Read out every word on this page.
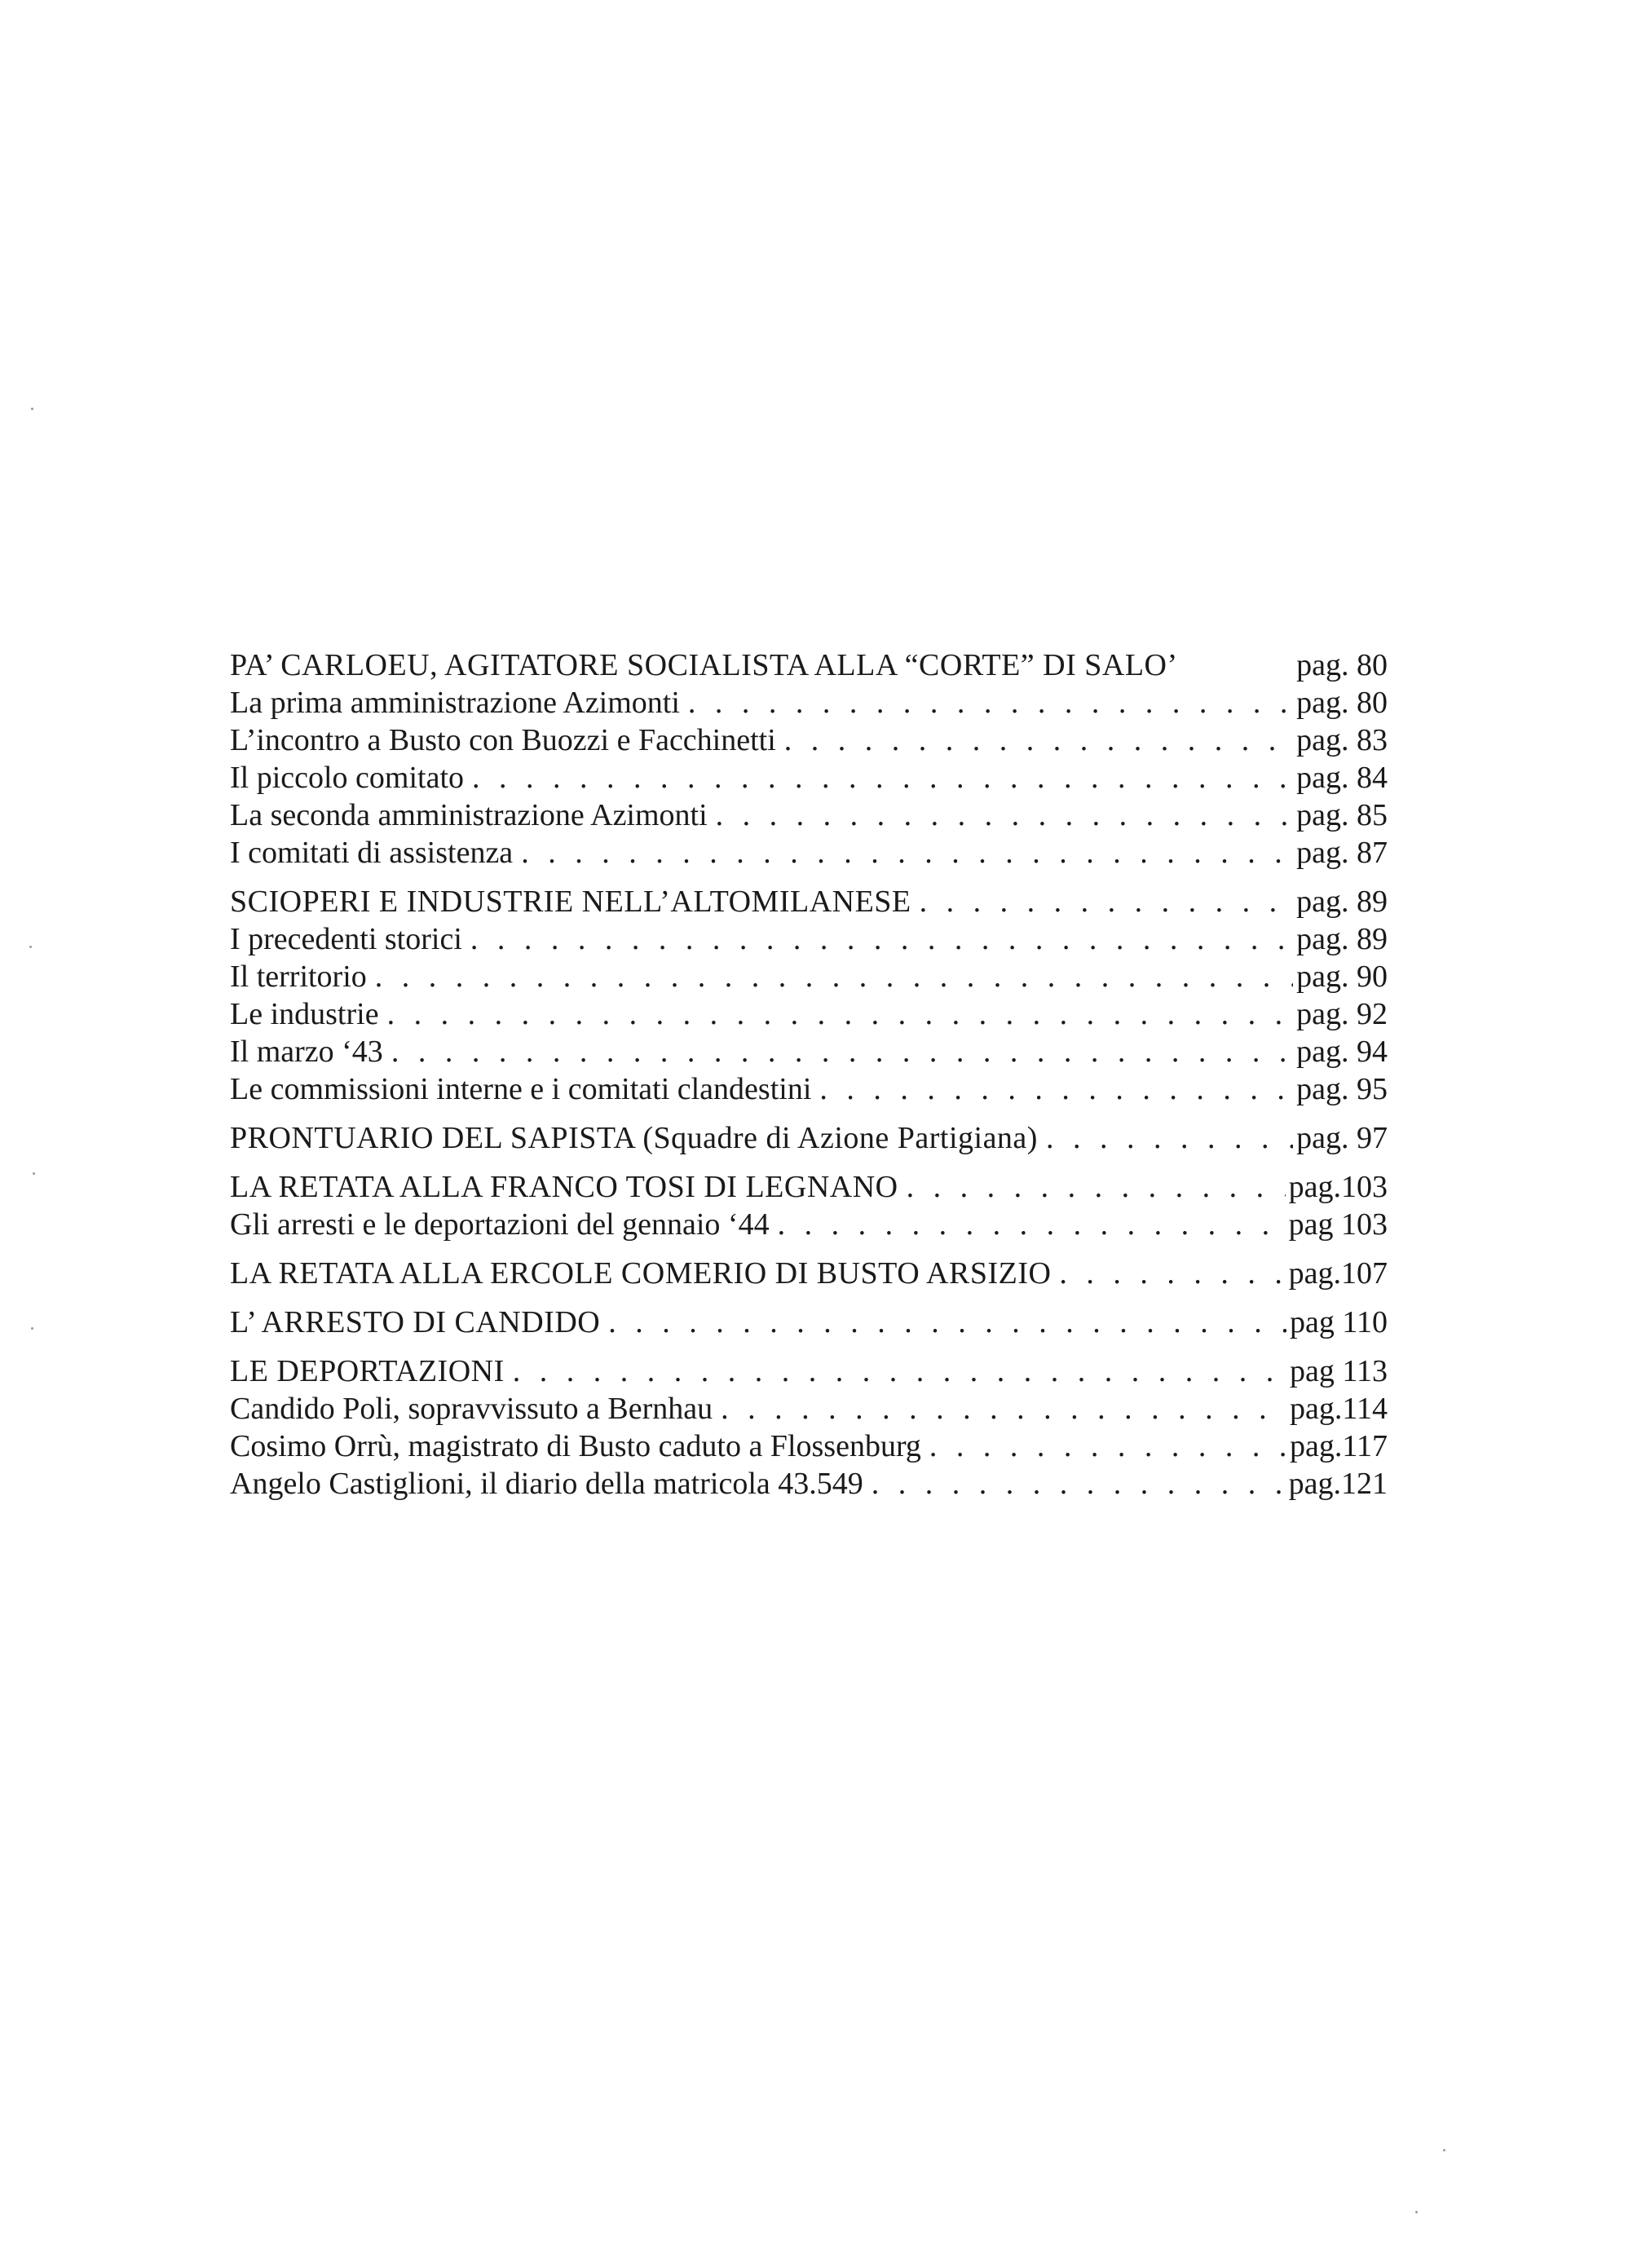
PA’ CARLOEU, AGITATORE SOCIALISTA ALLA “CORTE” DI SALO’	pag. 80
La prima amministrazione Azimonti . . .	pag. 80
L’incontro a Busto con Buozzi e Facchinetti . . .	pag. 83
Il piccolo comitato . . .	pag. 84
La seconda amministrazione Azimonti . . .	pag. 85
I comitati di assistenza . . .	pag. 87
SCIOPERI E INDUSTRIE NELL’ALTOMILANESE . . .	pag. 89
I precedenti storici . . .	pag. 89
Il territorio . . .	pag. 90
Le industrie . . .	pag. 92
Il marzo ‘43 . . .	pag. 94
Le commissioni interne e i comitati clandestini . . .	pag. 95
PRONTUARIO DEL SAPISTA (Squadre di Azione Partigiana) . . .	pag. 97
LA RETATA ALLA FRANCO TOSI DI LEGNANO . . .	pag.103
Gli arresti e le deportazioni del gennaio ‘44 . . .	pag 103
LA RETATA ALLA ERCOLE COMERIO DI BUSTO ARSIZIO . . .	pag.107
L’ ARRESTO DI CANDIDO . . .	pag 110
LE DEPORTAZIONI . . .	pag 113
Candido Poli, sopravvissuto a Bernhau . . .	pag.114
Cosimo Orrù, magistrato di Busto caduto a Flossenburg . . .	pag.117
Angelo Castiglioni, il diario della matricola 43.549 . . .	pag.121
